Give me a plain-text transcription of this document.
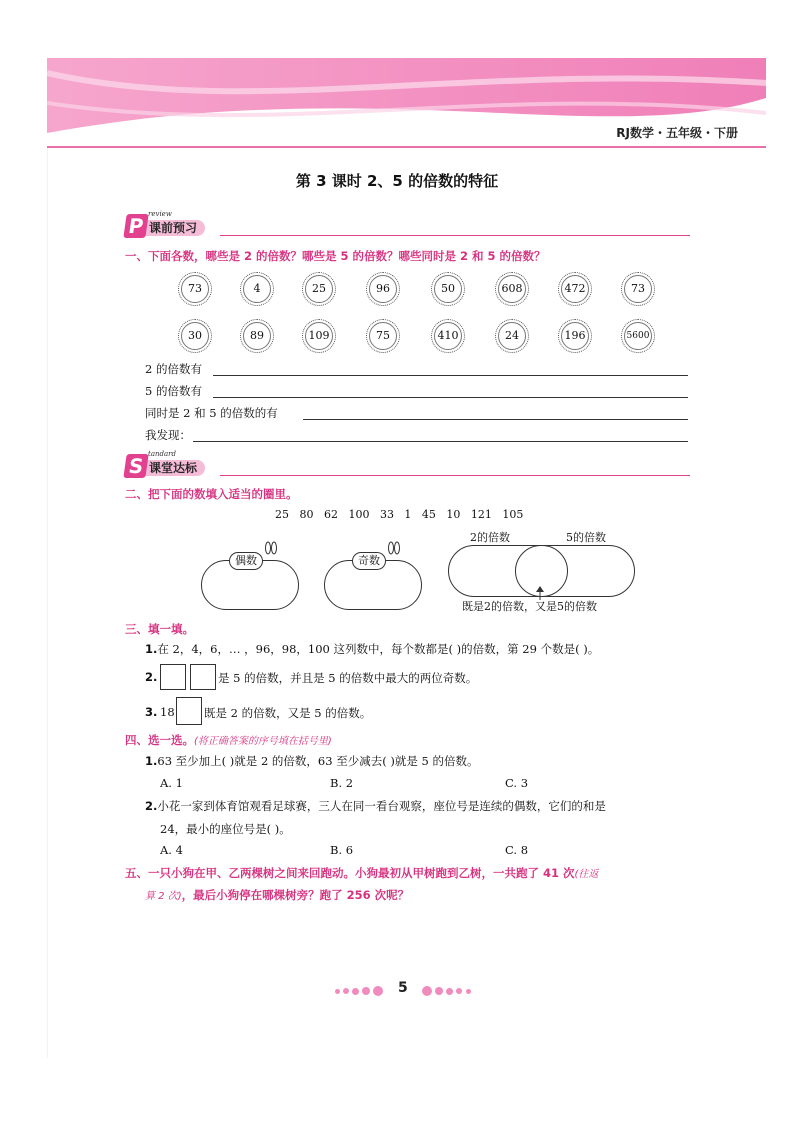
RJ数学・五年级・下册
第 3 课时 2、5 的倍数的特征
课前预习
P review
一、下面各数，哪些是 2 的倍数？哪些是 5 的倍数？哪些同时是 2 和 5 的倍数？
73	4	25	96	50	608	472	73
30	89	109	75	410	24	196	5600
2 的倍数有
5 的倍数有
同时是 2 和 5 的倍数的有
我发现：
课堂达标
S tandard
二、把下面的数填入适当的圈里。
25   80   62   100   33   1   45   10   121   105
偶数	奇数
2的倍数	5的倍数
既是2的倍数，又是5的倍数
三、填一填。
1.在 2，4，6，… ，96，98，100 这列数中，每个数都是( )的倍数，第 29 个数是( )。
2.	是 5 的倍数，并且是 5 的倍数中最大的两位奇数。
3. 18	既是 2 的倍数，又是 5 的倍数。
四、选一选。(将正确答案的序号填在括号里)
1.63 至少加上( )就是 2 的倍数，63 至少减去( )就是 5 的倍数。
A. 1	B. 2	C. 3
2.小花一家到体育馆观看足球赛，三人在同一看台观察，座位号是连续的偶数，它们的和是
24，最小的座位号是( )。
A. 4	B. 6	C. 8
五、一只小狗在甲、乙两棵树之间来回跑动。小狗最初从甲树跑到乙树，一共跑了 41 次(往返
算 2 次)，最后小狗停在哪棵树旁？跑了 256 次呢？
5
